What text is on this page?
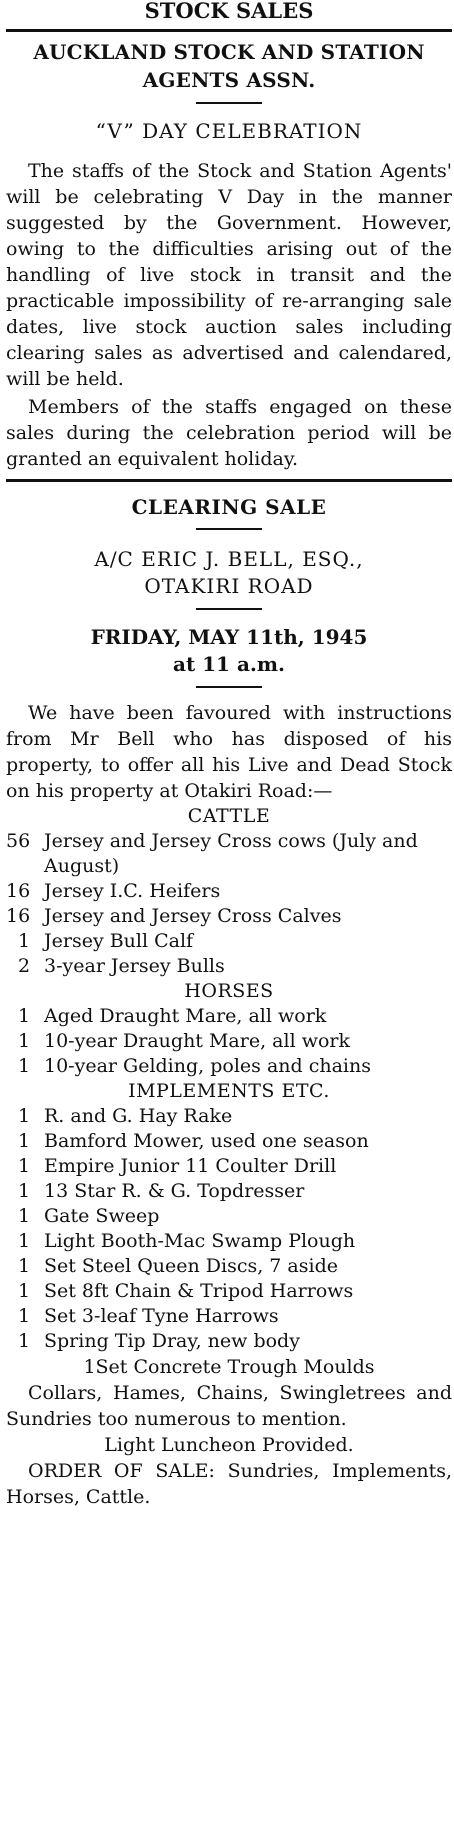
STOCK SALES
AUCKLAND STOCK AND STATION AGENTS ASSN.
“V” DAY CELEBRATION

The staffs of the Stock and Station Agents' will be celebrating V Day in the manner suggested by the Government. However, owing to the difficulties arising out of the handling of live stock in transit and the practicable impossibility of re-arranging sale dates, live stock auction sales including clearing sales as advertised and calendared, will be held.

Members of the staffs engaged on these sales during the celebration period will be granted an equivalent holiday.

CLEARING SALE
A/C ERIC J. BELL, ESQ.,
OTAKIRI ROAD
FRIDAY, MAY 11th, 1945
at 11 a.m.

We have been favoured with instructions from Mr Bell who has disposed of his property, to offer all his Live and Dead Stock on his property at Otakiri Road:—

CATTLE
56 Jersey and Jersey Cross cows (July and August)
16 Jersey I.C. Heifers
16 Jersey and Jersey Cross Calves
1 Jersey Bull Calf
2 3-year Jersey Bulls
HORSES
1 Aged Draught Mare, all work
1 10-year Draught Mare, all work
1 10-year Gelding, poles and chains
IMPLEMENTS ETC.
1 R. and G. Hay Rake
1 Bamford Mower, used one season
1 Empire Junior 11 Coulter Drill
1 13 Star R. & G. Topdresser
1 Gate Sweep
1 Light Booth-Mac Swamp Plough
1 Set Steel Queen Discs, 7 aside
1 Set 8ft Chain & Tripod Harrows
1 Set 3-leaf Tyne Harrows
1 Spring Tip Dray, new body
1Set Concrete Trough Moulds

Collars, Hames, Chains, Swingletrees and Sundries too numerous to mention.

Light Luncheon Provided.

ORDER OF SALE: Sundries, Implements, Horses, Cattle.
